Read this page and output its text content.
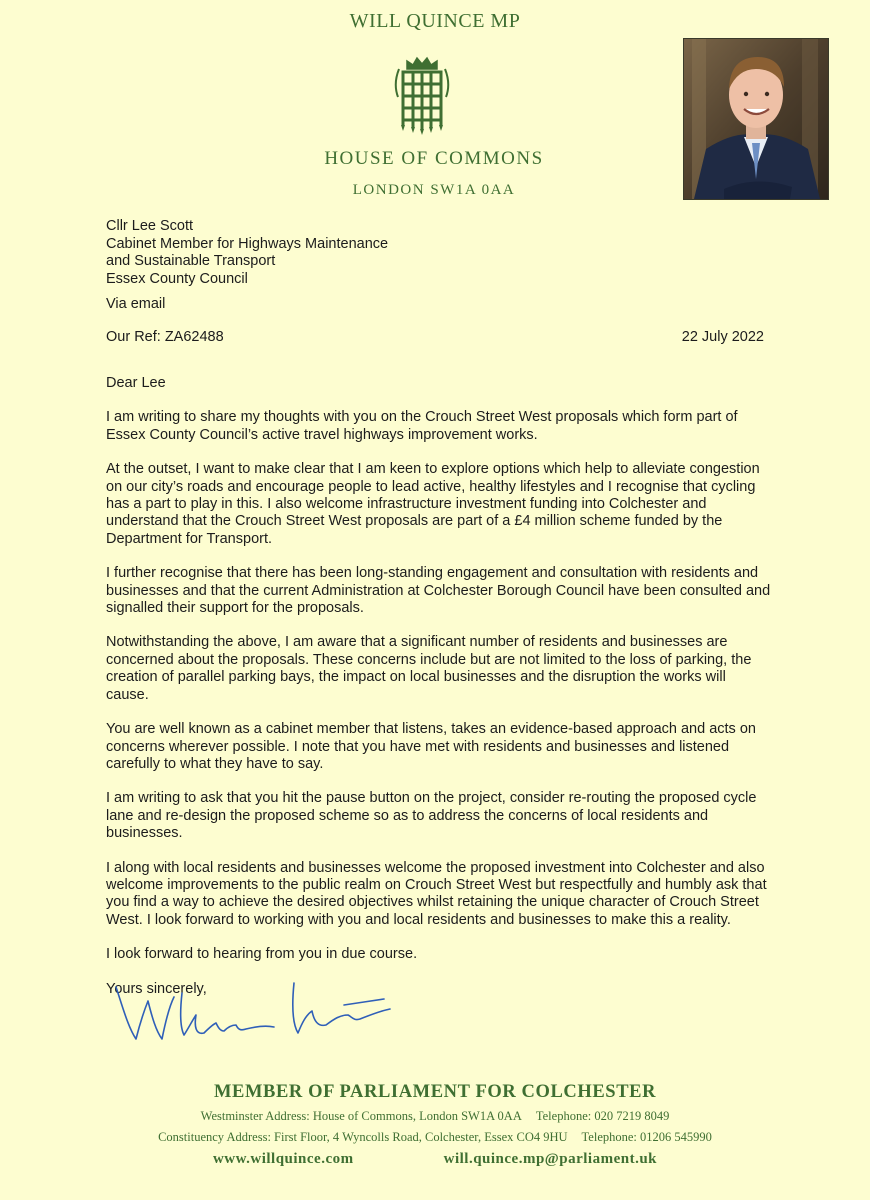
WILL QUINCE MP
HOUSE OF COMMONS
LONDON SW1A 0AA
Cllr Lee Scott
Cabinet Member for Highways Maintenance
and Sustainable Transport
Essex County Council
Via email
Our Ref: ZA62488	22 July 2022

Dear Lee

I am writing to share my thoughts with you on the Crouch Street West proposals which form part of Essex County Council’s active travel highways improvement works.

At the outset, I want to make clear that I am keen to explore options which help to alleviate congestion on our city’s roads and encourage people to lead active, healthy lifestyles and I recognise that cycling has a part to play in this. I also welcome infrastructure investment funding into Colchester and understand that the Crouch Street West proposals are part of a £4 million scheme funded by the Department for Transport.

I further recognise that there has been long-standing engagement and consultation with residents and businesses and that the current Administration at Colchester Borough Council have been consulted and signalled their support for the proposals.

Notwithstanding the above, I am aware that a significant number of residents and businesses are concerned about the proposals. These concerns include but are not limited to the loss of parking, the creation of parallel parking bays, the impact on local businesses and the disruption the works will cause.

You are well known as a cabinet member that listens, takes an evidence-based approach and acts on concerns wherever possible. I note that you have met with residents and businesses and listened carefully to what they have to say.

I am writing to ask that you hit the pause button on the project, consider re-routing the proposed cycle lane and re-design the proposed scheme so as to address the concerns of local residents and businesses.

I along with local residents and businesses welcome the proposed investment into Colchester and also welcome improvements to the public realm on Crouch Street West but respectfully and humbly ask that you find a way to achieve the desired objectives whilst retaining the unique character of Crouch Street West. I look forward to working with you and local residents and businesses to make this a reality.

I look forward to hearing from you in due course.

Yours sincerely,

MEMBER OF PARLIAMENT FOR COLCHESTER
Westminster Address: House of Commons, London SW1A 0AA Telephone: 020 7219 8049
Constituency Address: First Floor, 4 Wyncolls Road, Colchester, Essex CO4 9HU Telephone: 01206 545990
www.willquince.com	will.quince.mp@parliament.uk
